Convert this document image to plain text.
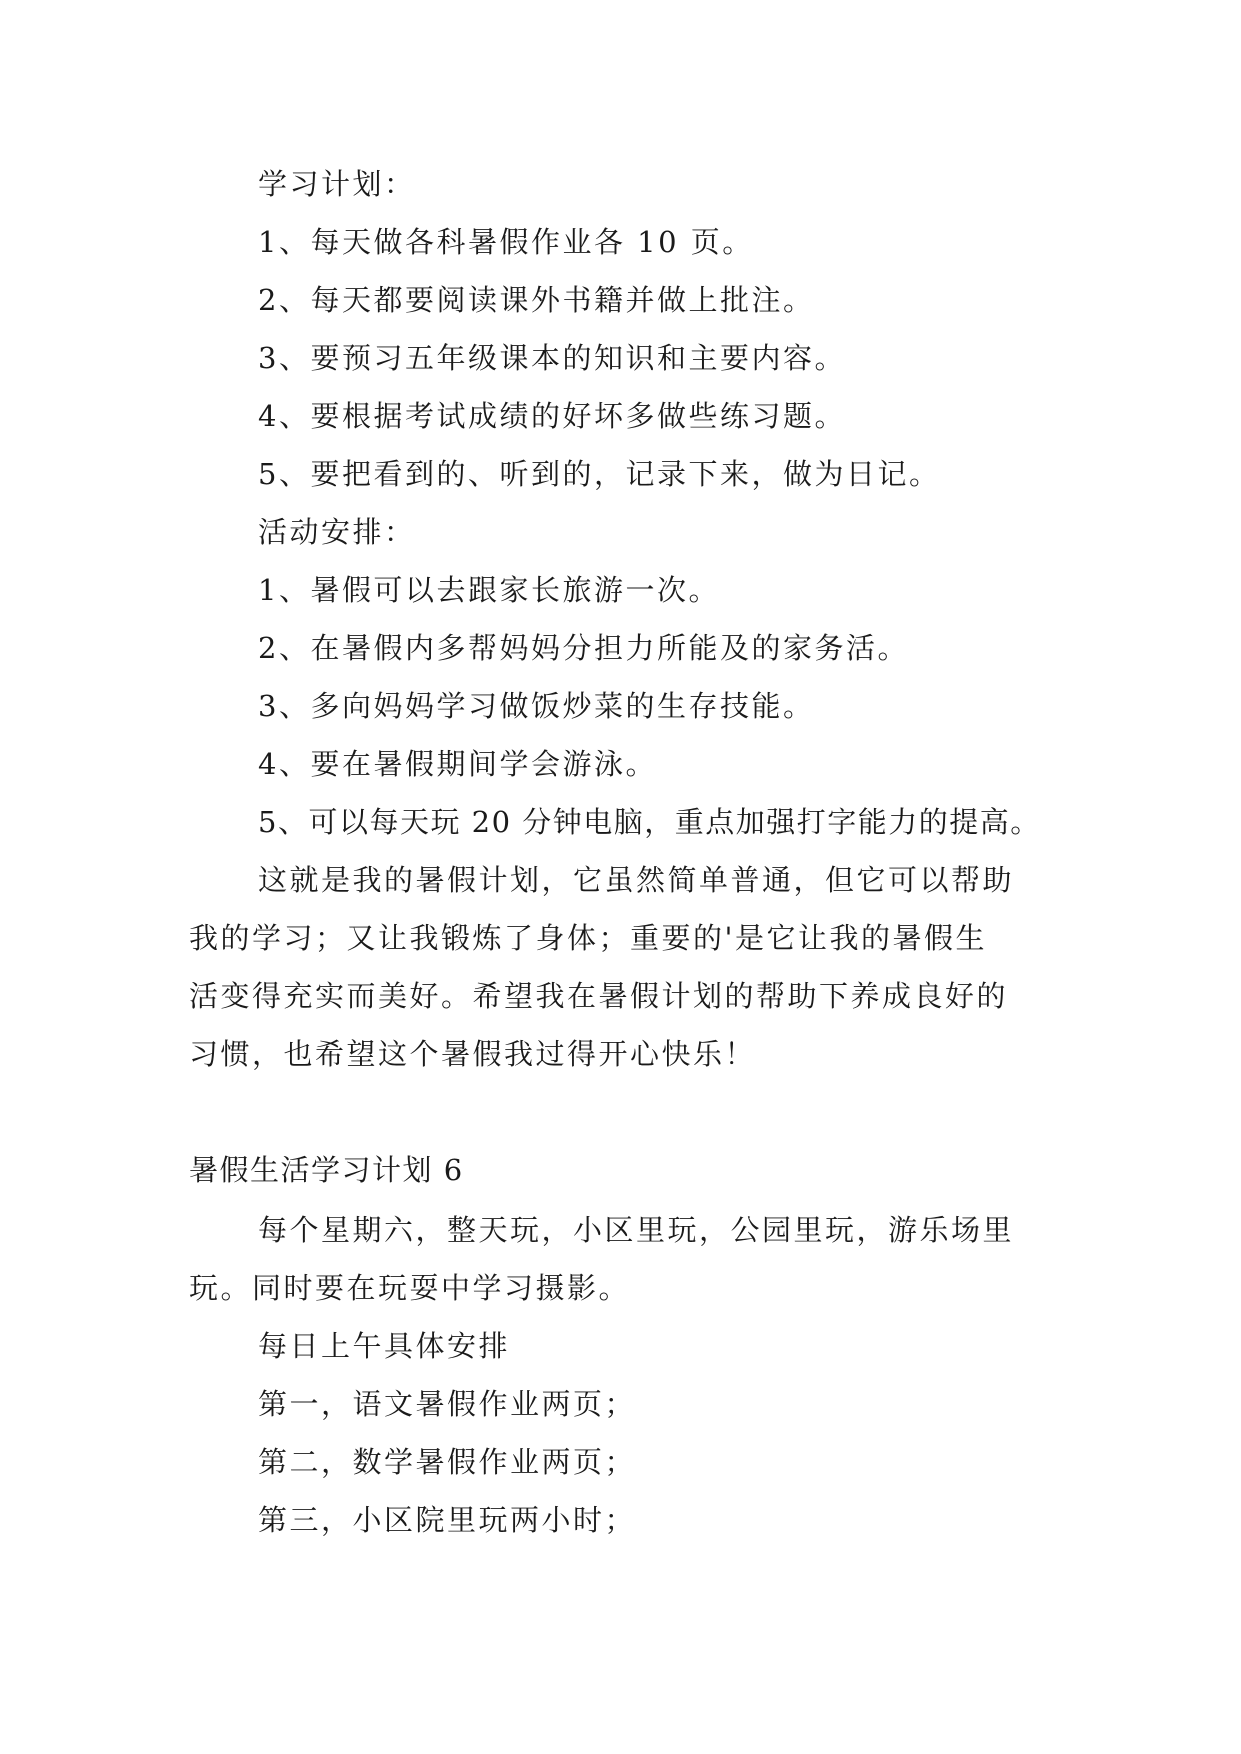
学习计划：
1、每天做各科暑假作业各 10 页。
2、每天都要阅读课外书籍并做上批注。
3、要预习五年级课本的知识和主要内容。
4、要根据考试成绩的好坏多做些练习题。
5、要把看到的、听到的，记录下来，做为日记。
活动安排：
1、暑假可以去跟家长旅游一次。
2、在暑假内多帮妈妈分担力所能及的家务活。
3、多向妈妈学习做饭炒菜的生存技能。
4、要在暑假期间学会游泳。
5、可以每天玩 20 分钟电脑，重点加强打字能力的提高。
这就是我的暑假计划，它虽然简单普通，但它可以帮助
我的学习；又让我锻炼了身体；重要的'是它让我的暑假生
活变得充实而美好。希望我在暑假计划的帮助下养成良好的
习惯，也希望这个暑假我过得开心快乐！
暑假生活学习计划 6
每个星期六，整天玩，小区里玩，公园里玩，游乐场里
玩。同时要在玩耍中学习摄影。
每日上午具体安排
第一，语文暑假作业两页；
第二，数学暑假作业两页；
第三，小区院里玩两小时；
